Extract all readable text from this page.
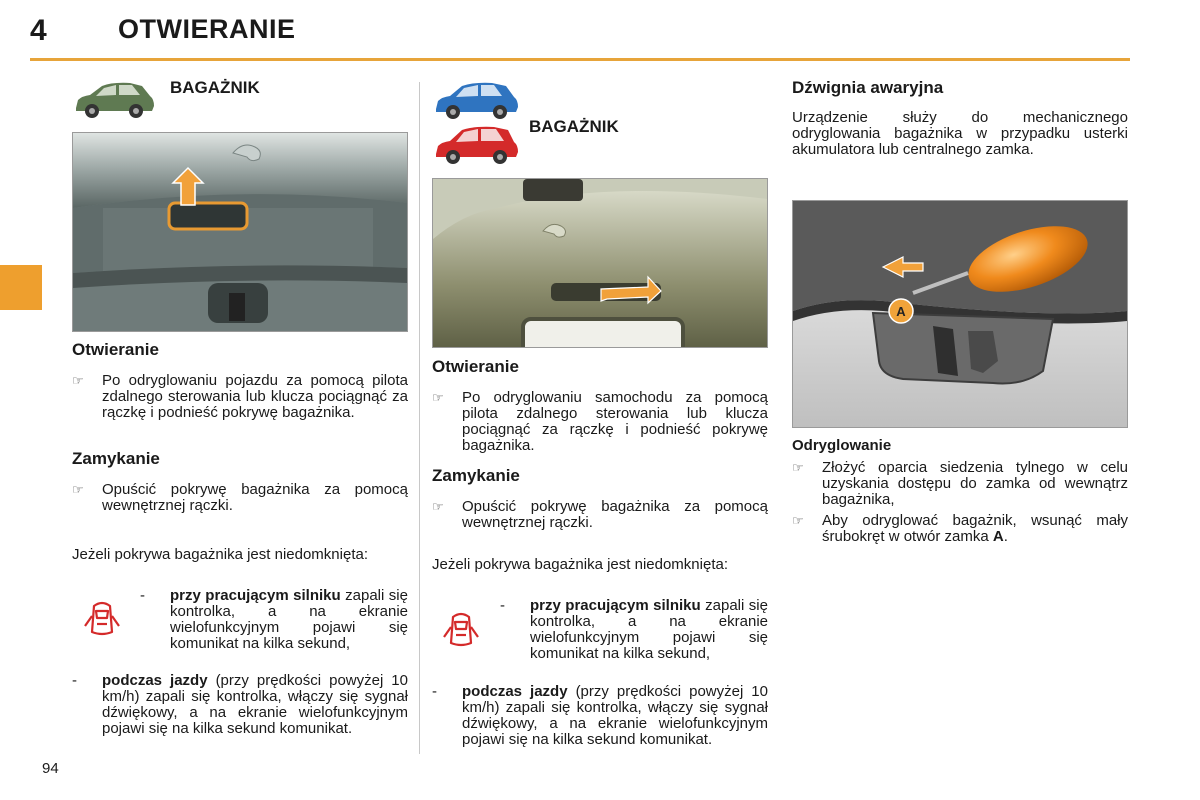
4	OTWIERANIE
BAGAŻNIK
Otwieranie
☞	Po odryglowaniu pojazdu za pomocą pilota zdalnego sterowania lub klucza pociągnąć za rączkę i podnieść pokrywę bagażnika.
Zamykanie
☞	Opuścić pokrywę bagażnika za pomocą wewnętrznej rączki.
Jeżeli pokrywa bagażnika jest niedomknięta:
-	przy pracującym silniku zapali się kontrolka, a na ekranie wielofunkcyjnym pojawi się komunikat na kilka sekund,
-	podczas jazdy (przy prędkości powyżej 10 km/h) zapali się kontrolka, włączy się sygnał dźwiękowy, a na ekranie wielofunkcyjnym pojawi się na kilka sekund komunikat.
BAGAŻNIK
Otwieranie
☞	Po odryglowaniu samochodu za pomocą pilota zdalnego sterowania lub klucza pociągnąć za rączkę i podnieść pokrywę bagażnika.
Zamykanie
☞	Opuścić pokrywę bagażnika za pomocą wewnętrznej rączki.
Jeżeli pokrywa bagażnika jest niedomknięta:
-	przy pracującym silniku zapali się kontrolka, a na ekranie wielofunkcyjnym pojawi się komunikat na kilka sekund,
-	podczas jazdy (przy prędkości powyżej 10 km/h) zapali się kontrolka, włączy się sygnał dźwiękowy, a na ekranie wielofunkcyjnym pojawi się na kilka sekund komunikat.
Dźwignia awaryjna
Urządzenie służy do mechanicznego odryglowania bagażnika w przypadku usterki akumulatora lub centralnego zamka.
A
Odryglowanie
☞	Złożyć oparcia siedzenia tylnego w celu uzyskania dostępu do zamka od wewnątrz bagażnika,
☞	Aby odryglować bagażnik, wsunąć mały śrubokręt w otwór zamka A.
94
